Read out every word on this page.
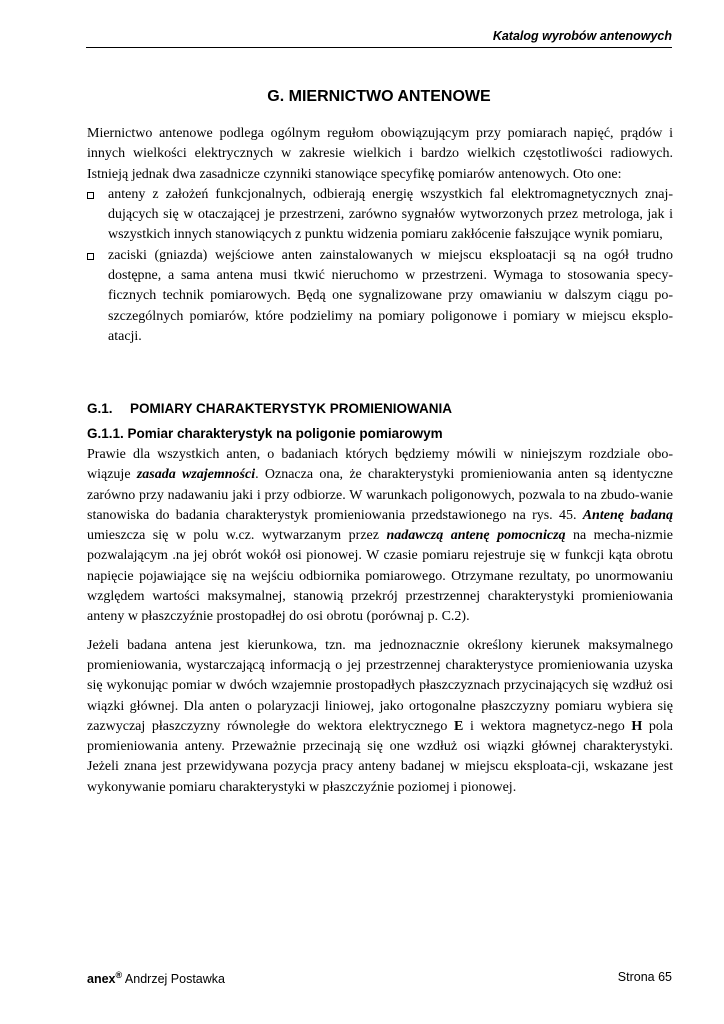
Katalog wyrobów antenowych
G. MIERNICTWO ANTENOWE

Miernictwo antenowe podlega ogólnym regułom obowiązującym przy pomiarach napięć, prądów i innych wielkości elektrycznych w zakresie wielkich i bardzo wielkich częstotliwości radiowych. Istnieją jednak dwa zasadnicze czynniki stanowiące specyfikę pomiarów antenowych. Oto one:

anteny z założeń funkcjonalnych, odbierają energię wszystkich fal elektromagnetycznych znaj-dujących się w otaczającej je przestrzeni, zarówno sygnałów wytworzonych przez metrologa, jak i wszystkich innych stanowiących z punktu widzenia pomiaru zakłócenie fałszujące wynik pomiaru,
zaciski (gniazda) wejściowe anten zainstalowanych w miejscu eksploatacji są na ogół trudno dostępne, a sama antena musi tkwić nieruchomo w przestrzeni. Wymaga to stosowania specy-ficznych technik pomiarowych. Będą one sygnalizowane przy omawianiu w dalszym ciągu po-szczególnych pomiarów, które podzielimy na pomiary poligonowe i pomiary w miejscu eksplo-atacji.
G.1. POMIARY CHARAKTERYSTYK PROMIENIOWANIA
G.1.1. Pomiar charakterystyk na poligonie pomiarowym

Prawie dla wszystkich anten, o badaniach których będziemy mówili w niniejszym rozdziale obo-wiązuje zasada wzajemności. Oznacza ona, że charakterystyki promieniowania anten są identyczne zarówno przy nadawaniu jaki i przy odbiorze. W warunkach poligonowych, pozwala to na zbudo-wanie stanowiska do badania charakterystyk promieniowania przedstawionego na rys. 45. Antenę badaną umieszcza się w polu w.cz. wytwarzanym przez nadawczą antenę pomocniczą na mecha-nizmie pozwalającym .na jej obrót wokół osi pionowej. W czasie pomiaru rejestruje się w funkcji kąta obrotu napięcie pojawiające się na wejściu odbiornika pomiarowego. Otrzymane rezultaty, po unormowaniu względem wartości maksymalnej, stanowią przekrój przestrzennej charakterystyki promieniowania anteny w płaszczyźnie prostopadłej do osi obrotu (porównaj p. C.2).

Jeżeli badana antena jest kierunkowa, tzn. ma jednoznacznie określony kierunek maksymalnego promieniowania, wystarczającą informacją o jej przestrzennej charakterystyce promieniowania uzyska się wykonując pomiar w dwóch wzajemnie prostopadłych płaszczyznach przycinających się wzdłuż osi wiązki głównej. Dla anten o polaryzacji liniowej, jako ortogonalne płaszczyzny pomiaru wybiera się zazwyczaj płaszczyzny równoległe do wektora elektrycznego E i wektora magnetycz-nego H pola promieniowania anteny. Przeważnie przecinają się one wzdłuż osi wiązki głównej charakterystyki. Jeżeli znana jest przewidywana pozycja pracy anteny badanej w miejscu eksploata-cji, wskazane jest wykonywanie pomiaru charakterystyki w płaszczyźnie poziomej i pionowej.

anex® Andrzej Postawka	Strona 65
